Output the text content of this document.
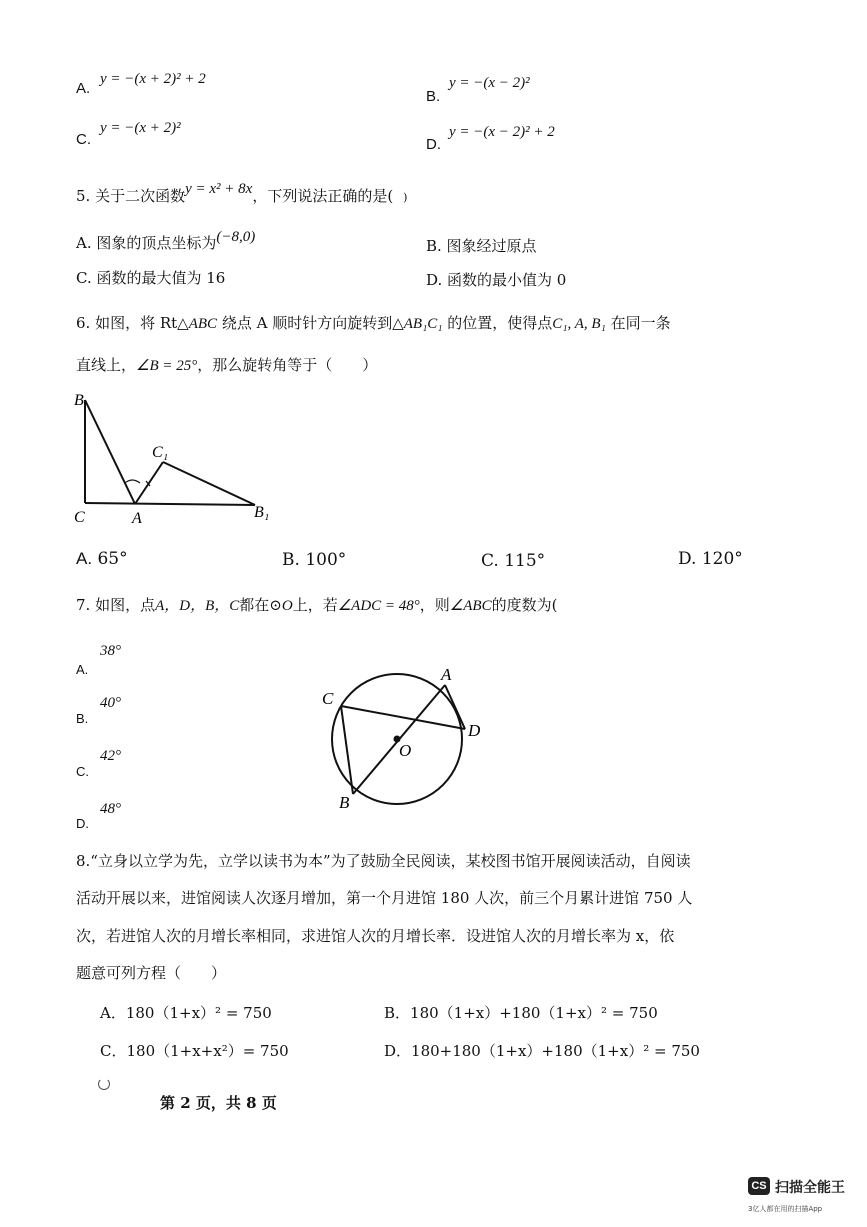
A.
y = −(x + 2)² + 2
B.
y = −(x − 2)²
C.
y = −(x + 2)²
D.
y = −(x − 2)² + 2
5. 关于二次函数y = x² + 8x，下列说法正确的是( )
A. 图象的顶点坐标为(−8,0)	B. 图象经过原点
C. 函数的最大值为 16	D. 函数的最小值为 0
6. 如图，将 Rt△ABC 绕点 A 顺时针方向旋转到△AB₁C₁ 的位置，使得点C₁, A, B₁ 在同一条
直线上，∠B = 25°，那么旋转角等于（　　）
B
C₁
C	A	B₁
A. 65°	B. 100°	C. 115°	D. 120°
7. 如图，点A，D，B，C都在⊙O上，若∠ADC = 48°，则∠ABC的度数为(
A.
38°
B.
40°
C.
42°
D.
48°
A
C
D
O
B
8.“立身以立学为先，立学以读书为本”为了鼓励全民阅读，某校图书馆开展阅读活动，自阅读
活动开展以来，进馆阅读人次逐月增加，第一个月进馆 180 人次，前三个月累计进馆 750 人
次，若进馆人次的月增长率相同，求进馆人次的月增长率．设进馆人次的月增长率为 x，依
题意可列方程（　　）
A．180（1+x）² = 750	B．180（1+x）+180（1+x）² = 750
C．180（1+x+x²）= 750	D．180+180（1+x）+180（1+x）² = 750
第 2 页，共 8 页
CS 扫描全能王
3亿人都在用的扫描App
